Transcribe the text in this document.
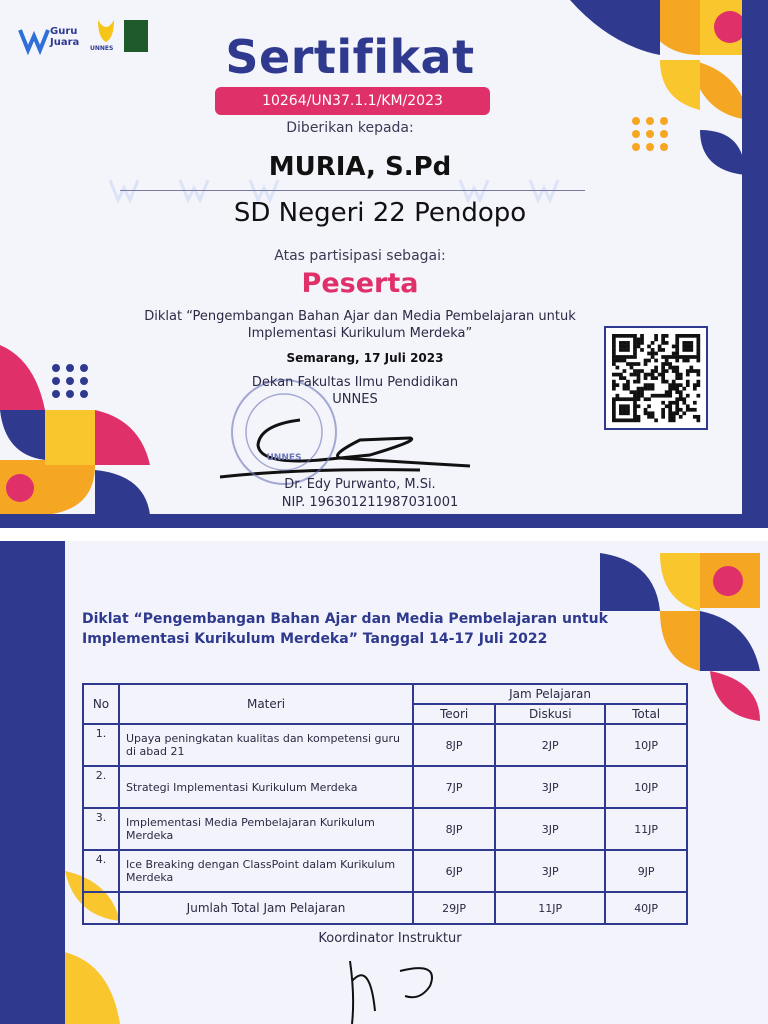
Guru
Juara
UNNES	Sertifikat
10264/UN37.1.1/KM/2023
Diberikan kepada:
MURIA, S.Pd
SD Negeri 22 Pendopo
Atas partisipasi sebagai:
Peserta
Diklat “Pengembangan Bahan Ajar dan Media Pembelajaran untuk
Implementasi Kurikulum Merdeka”
Semarang, 17 Juli 2023
Dekan Fakultas Ilmu Pendidikan
UNNES
UNNES
Dr. Edy Purwanto, M.Si.
NIP. 196301211987031001
Diklat “Pengembangan Bahan Ajar dan Media Pembelajaran untuk
Implementasi Kurikulum Merdeka” Tanggal 14-17 Juli 2022
No	Materi	Jam Pelajaran		
		Teori	Diskusi	Total
1.	Upaya peningkatan kualitas dan kompetensi guru di abad 21	8JP	2JP	10JP
2.	Strategi Implementasi Kurikulum Merdeka	7JP	3JP	10JP
3.	Implementasi Media Pembelajaran Kurikulum Merdeka	8JP	3JP	11JP
4.	Ice Breaking dengan ClassPoint dalam Kurikulum Merdeka	6JP	3JP	9JP
	Jumlah Total Jam Pelajaran	29JP	11JP	40JP
Koordinator Instruktur
